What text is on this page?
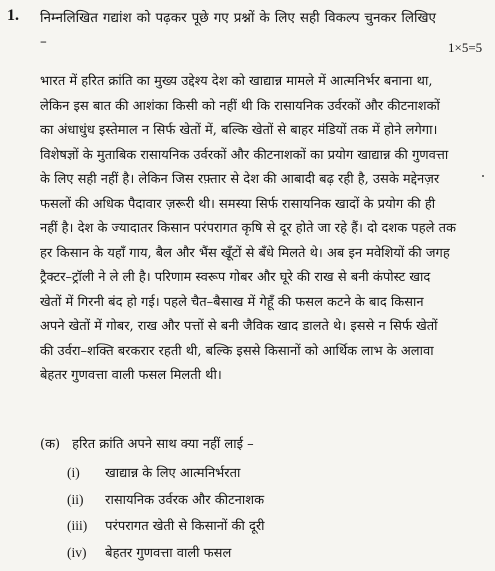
1. निम्नलिखित गद्यांश को पढ़कर पूछे गए प्रश्नों के लिए सही विकल्प चुनकर लिखिए –	1×5=5
भारत में हरित क्रांति का मुख्य उद्देश्य देश को खाद्यान्न मामले में आत्मनिर्भर बनाना था,
लेकिन इस बात की आशंका किसी को नहीं थी कि रासायनिक उर्वरकों और कीटनाशकों
का अंधाधुंध इस्तेमाल न सिर्फ खेतों में, बल्कि खेतों से बाहर मंडियों तक में होने लगेगा।
विशेषज्ञों के मुताबिक रासायनिक उर्वरकों और कीटनाशकों का प्रयोग खाद्यान्न की गुणवत्ता
के लिए सही नहीं है। लेकिन जिस रफ़्तार से देश की आबादी बढ़ रही है, उसके मद्देनज़र
फसलों की अधिक पैदावार ज़रूरी थी। समस्या सिर्फ रासायनिक खादों के प्रयोग की ही
नहीं है। देश के ज्यादातर किसान परंपरागत कृषि से दूर होते जा रहे हैं। दो दशक पहले तक
हर किसान के यहाँ गाय, बैल और भैंस खूँटों से बँधे मिलते थे। अब इन मवेशियों की जगह
ट्रैक्टर–ट्रॉली ने ले ली है। परिणाम स्वरूप गोबर और घूरे की राख से बनी कंपोस्ट खाद
खेतों में गिरनी बंद हो गई। पहले चैत–बैसाख में गेहूँ की फसल कटने के बाद किसान
अपने खेतों में गोबर, राख और पत्तों से बनी जैविक खाद डालते थे। इससे न सिर्फ खेतों
की उर्वरा–शक्ति बरकरार रहती थी, बल्कि इससे किसानों को आर्थिक लाभ के अलावा
बेहतर गुणवत्ता वाली फसल मिलती थी।
(क) हरित क्रांति अपने साथ क्या नहीं लाई –
(i) खाद्यान्न के लिए आत्मनिर्भरता
(ii) रासायनिक उर्वरक और कीटनाशक
(iii) परंपरागत खेती से किसानों की दूरी
(iv) बेहतर गुणवत्ता वाली फसल
